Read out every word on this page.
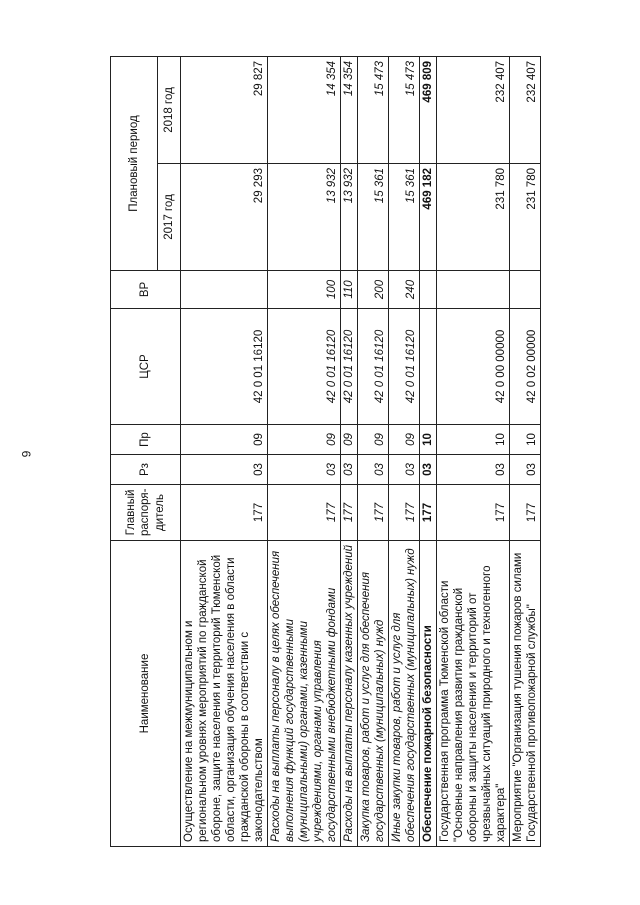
6
Наименование	Главный распоря-дитель	Рз	Пр	ЦСР	ВР	Плановый период	
						2017 год	2018 год
Осуществление на межмуниципальном и региональном уровнях мероприятий по гражданской обороне, защите населения и территорий Тюменской области, организация обучения населения в области гражданской обороны в соответствии с законодательством	177	03	09	42 0 01 16120		29 293	29 827
Расходы на выплаты персоналу в целях обеспечения выполнения функций государственными (муниципальными) органами, казенными учреждениями, органами управления государственными внебюджетными фондами	177	03	09	42 0 01 16120	100	13 932	14 354
Расходы на выплаты персоналу казенных учреждений	177	03	09	42 0 01 16120	110	13 932	14 354
Закупка товаров, работ и услуг для обеспечения государственных (муниципальных) нужд	177	03	09	42 0 01 16120	200	15 361	15 473
Иные закупки товаров, работ и услуг для обеспечения государственных (муниципальных) нужд	177	03	09	42 0 01 16120	240	15 361	15 473
Обеспечение пожарной безопасности	177	03	10			469 182	469 809
Государственная программа Тюменской области "Основные направления развития гражданской обороны и защиты населения и территорий от чрезвычайных ситуаций природного и техногенного характера"	177	03	10	42 0 00 00000		231 780	232 407
Мероприятие "Организация тушения пожаров силами Государственной противопожарной службы"	177	03	10	42 0 02 00000		231 780	232 407
